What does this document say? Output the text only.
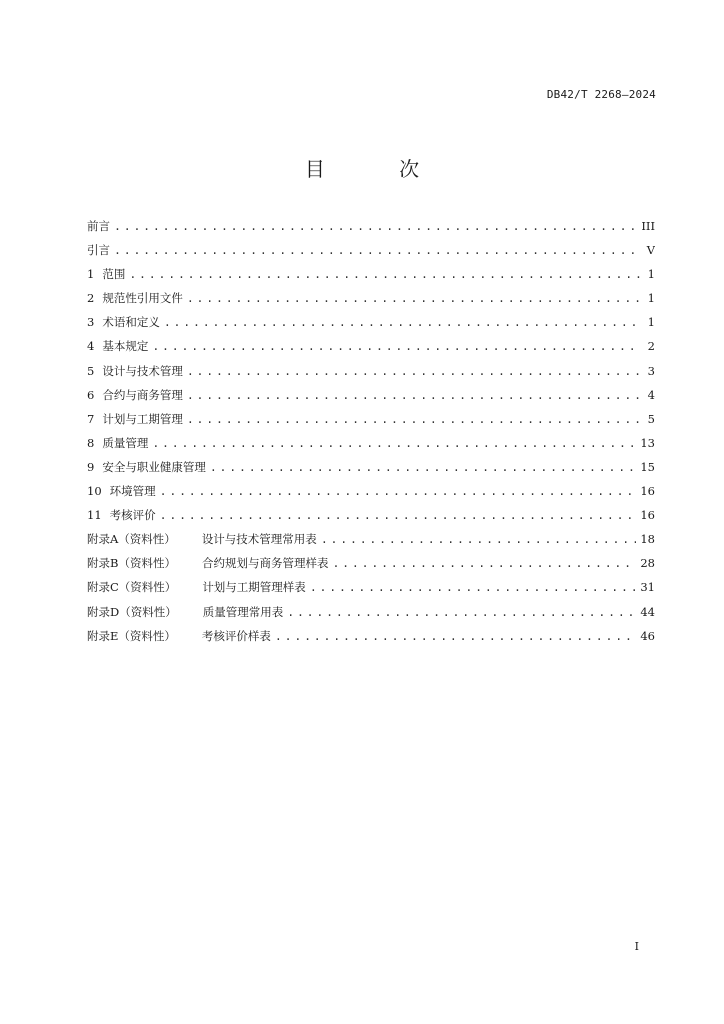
DB42/T 2268—2024
目 次
前言 .....	III
引言 .....	V
1 范围 .....	1
2 规范性引用文件 .....	1
3 术语和定义 .....	1
4 基本规定 .....	2
5 设计与技术管理 .....	3
6 合约与商务管理 .....	4
7 计划与工期管理 .....	5
8 质量管理 .....	13
9 安全与职业健康管理 .....	15
10 环境管理 .....	16
11 考核评价 .....	16
附录A（资料性） 设计与技术管理常用表 .....	18
附录B（资料性） 合约规划与商务管理样表 .....	28
附录C（资料性） 计划与工期管理样表 .....	31
附录D（资料性） 质量管理常用表 .....	44
附录E（资料性） 考核评价样表 .....	46
I
